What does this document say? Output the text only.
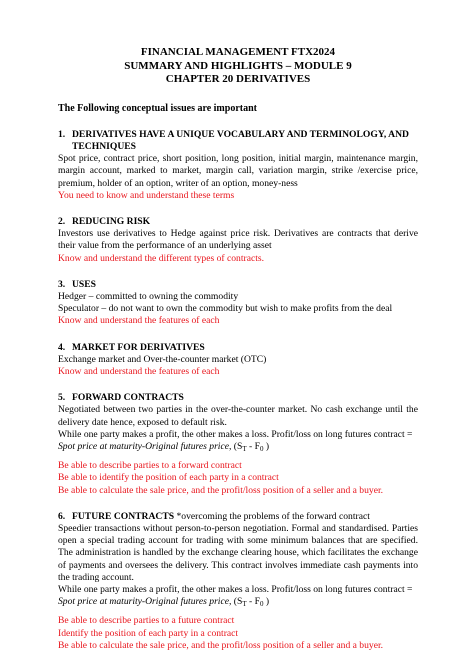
FINANCIAL MANAGEMENT FTX2024
SUMMARY AND HIGHLIGHTS – MODULE 9
CHAPTER 20 DERIVATIVES
The Following conceptual issues are important
1. DERIVATIVES HAVE A UNIQUE VOCABULARY AND TERMINOLOGY, AND TECHNIQUES
Spot price, contract price, short position, long position, initial margin, maintenance margin, margin account, marked to market, margin call, variation margin, strike /exercise price, premium, holder of an option, writer of an option, money-ness
You need to know and understand these terms
2. REDUCING RISK
Investors use derivatives to Hedge against price risk. Derivatives are contracts that derive their value from the performance of an underlying asset
Know and understand the different types of contracts.
3. USES
Hedger – committed to owning the commodity
Speculator – do not want to own the commodity but wish to make profits from the deal
Know and understand the features of each
4. MARKET FOR DERIVATIVES
Exchange market and Over-the-counter market (OTC)
Know and understand the features of each
5. FORWARD CONTRACTS
Negotiated between two parties in the over-the-counter market. No cash exchange until the delivery date hence, exposed to default risk.
While one party makes a profit, the other makes a loss. Profit/loss on long futures contract =
Spot price at maturity-Original futures price, ($S_T - F_0$ )
Be able to describe parties to a forward contract
Be able to identify the position of each party in a contract
Be able to calculate the sale price, and the profit/loss position of a seller and a buyer.
6. FUTURE CONTRACTS *overcoming the problems of the forward contract
Speedier transactions without person-to-person negotiation. Formal and standardised. Parties open a special trading account for trading with some minimum balances that are specified. The administration is handled by the exchange clearing house, which facilitates the exchange of payments and oversees the delivery. This contract involves immediate cash payments into the trading account.
While one party makes a profit, the other makes a loss. Profit/loss on long futures contract =
Spot price at maturity-Original futures price, ($S_T - F_0$ )
Be able to describe parties to a future contract
Identify the position of each party in a contract
Be able to calculate the sale price, and the profit/loss position of a seller and a buyer.
